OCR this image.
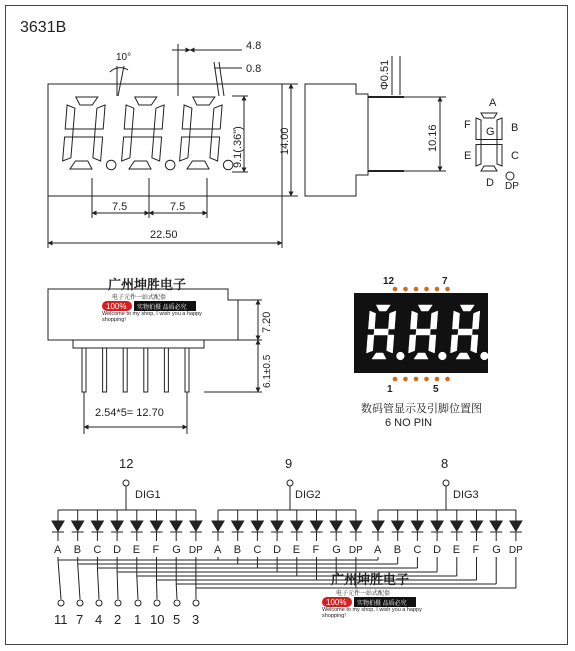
3631B
10°
4.8
0.8
9.1(.36")	14.00
7.5	7.5
22.50
Φ0.51
10.16
A
B
C
D
E
F
G
DP
7.20
6.1±0.5
2.54*5= 12.70
广州坤胜电子
电子元件一站式配套
100% 实物拍摄 品质必究
Welcome to my shop, I wish you a happy shopping!
12	7
1	5
数码管显示及引脚位置图
6 NO PIN
A B C D E F G DP A B C D E F G DP A B C D E F G DP
11 7 4 2 1 10 5 3
12
DIG1
9
DIG2
8
DIG3
广州坤胜电子
电子元件一站式配套
100% 实物拍摄 品质必究
Welcome to my shop, I wish you a happy shopping!
